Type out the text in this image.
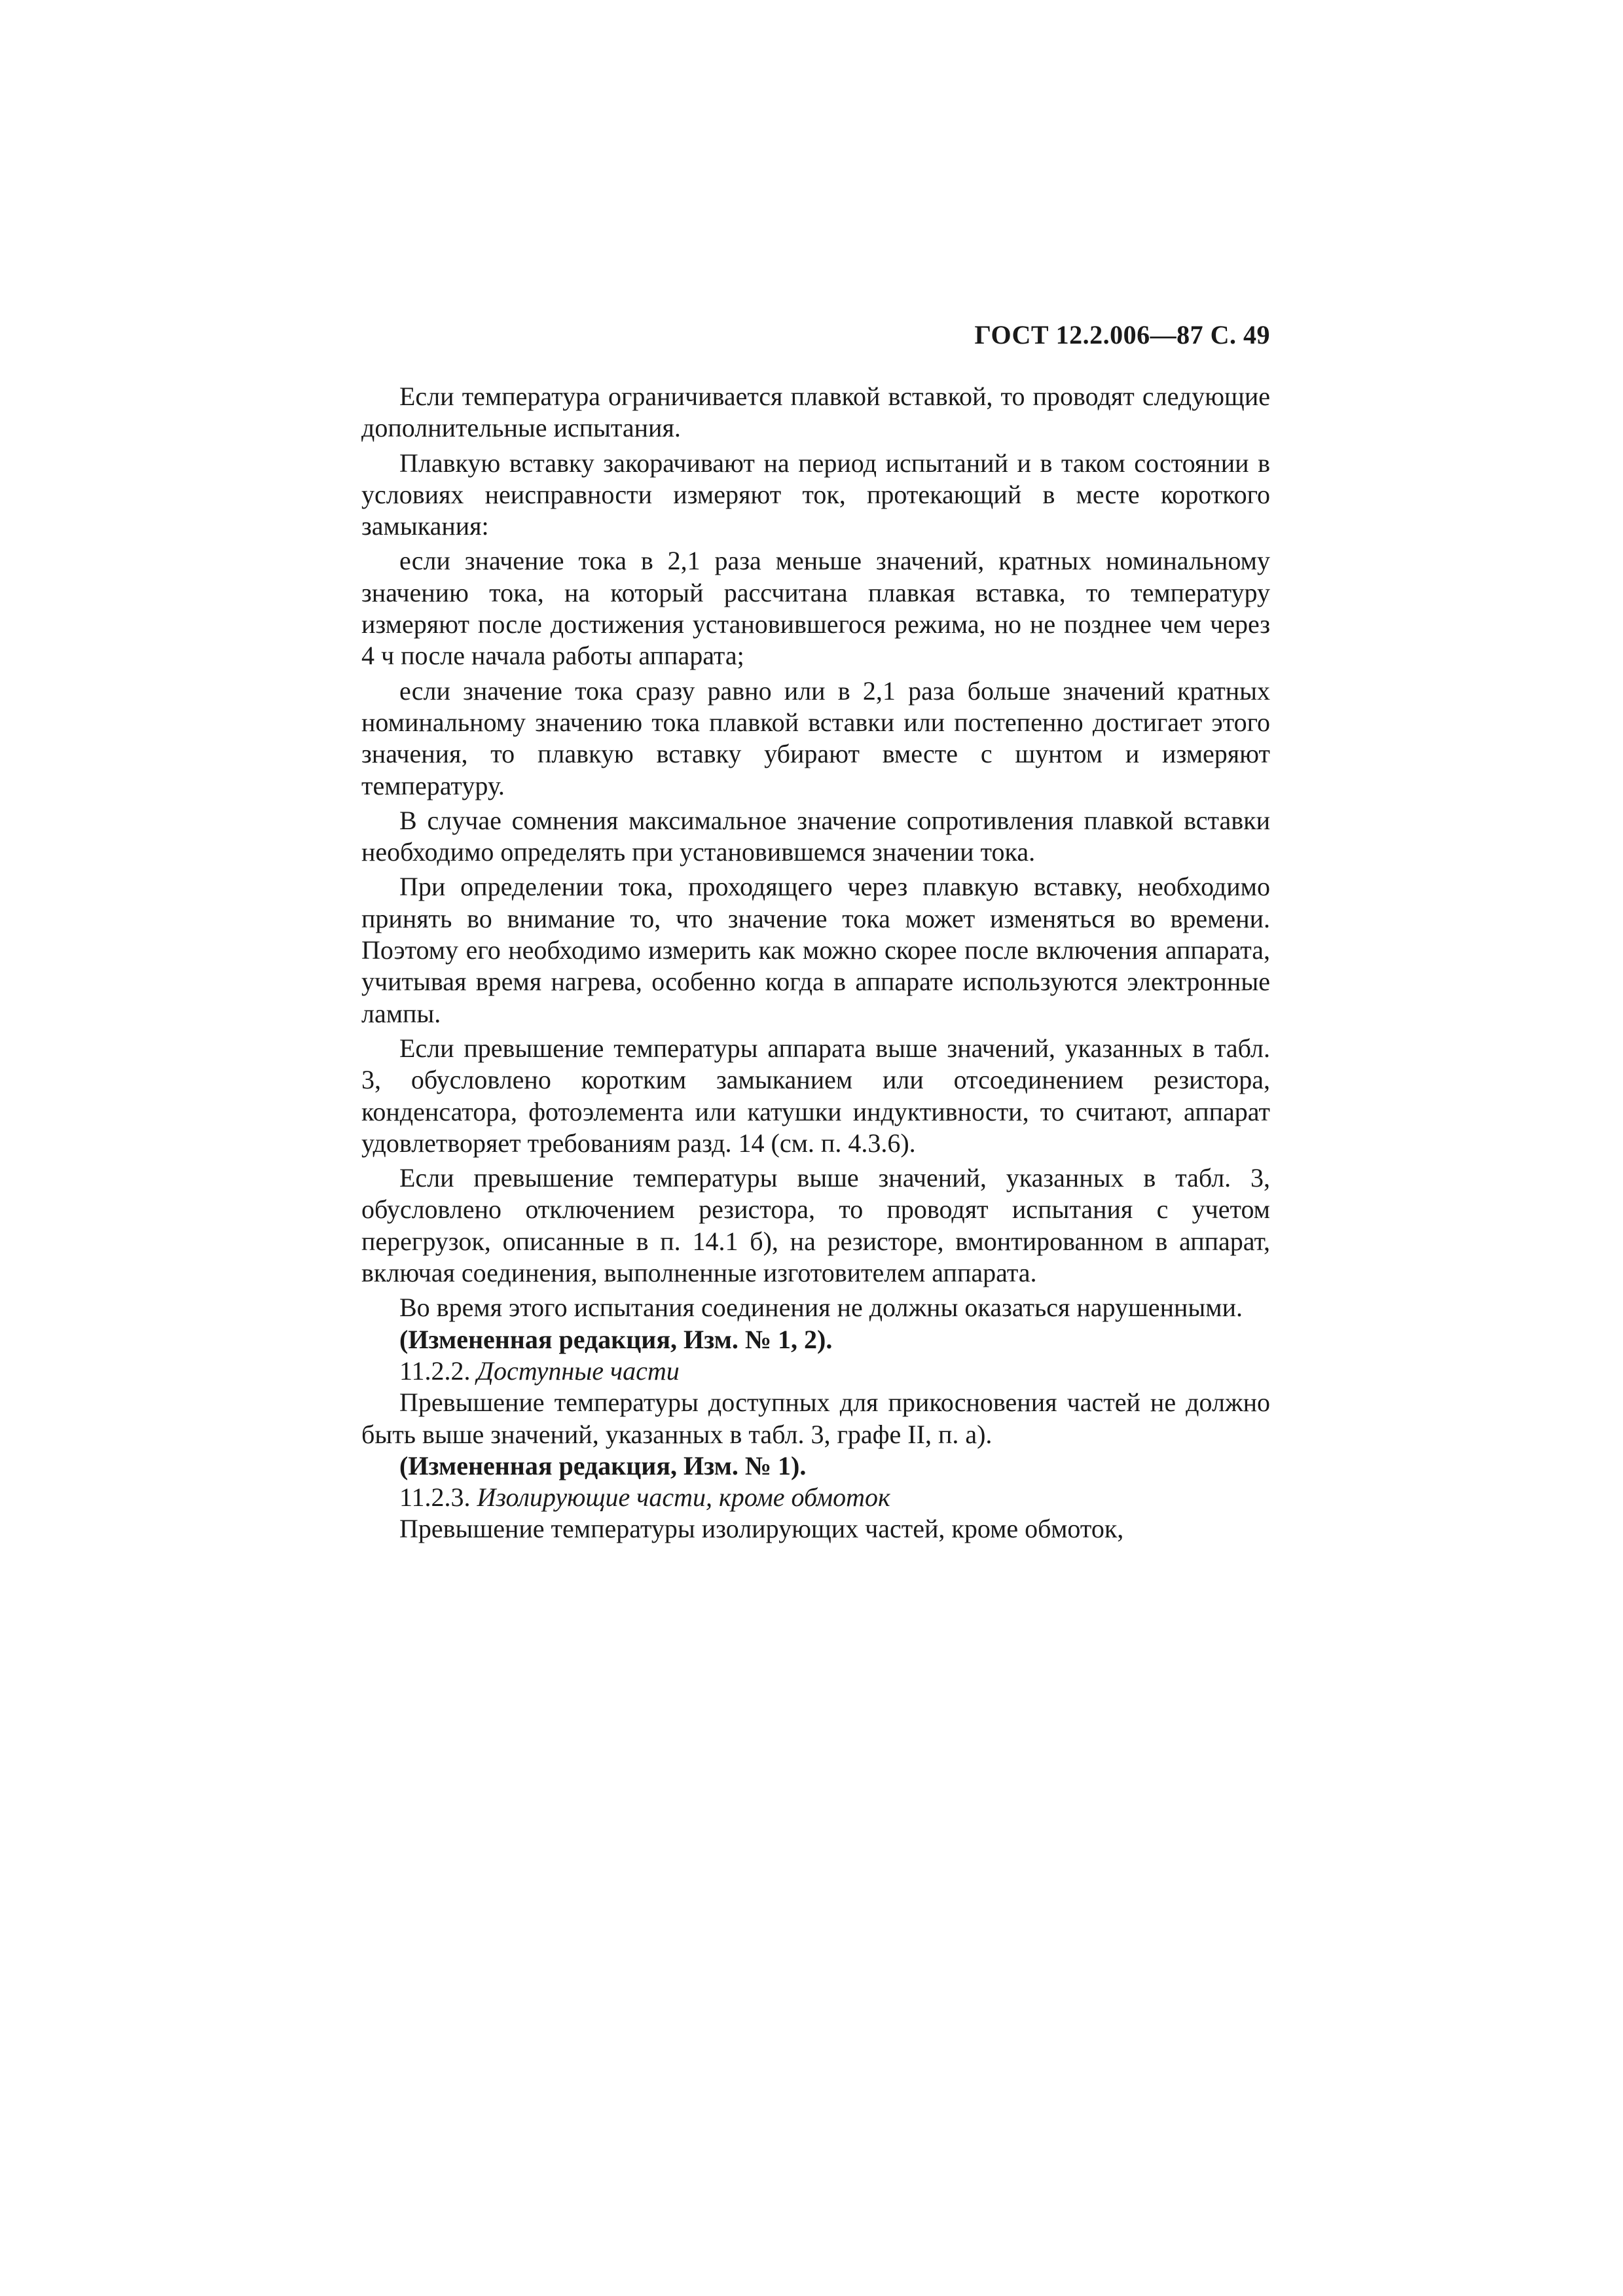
ГОСТ 12.2.006—87 С. 49

Если температура ограничивается плавкой вставкой, то проводят следующие дополнительные испытания.

Плавкую вставку закорачивают на период испытаний и в таком состоянии в условиях неисправности измеряют ток, протекающий в месте короткого замыкания:

если значение тока в 2,1 раза меньше значений, кратных номинальному значению тока, на который рассчитана плавкая вставка, то температуру измеряют после достижения установившегося режима, но не позднее чем через 4 ч после начала работы аппарата;

если значение тока сразу равно или в 2,1 раза больше значений кратных номинальному значению тока плавкой вставки или постепенно достигает этого значения, то плавкую вставку убирают вместе с шунтом и измеряют температуру.

В случае сомнения максимальное значение сопротивления плавкой вставки необходимо определять при установившемся значении тока.

При определении тока, проходящего через плавкую вставку, необходимо принять во внимание то, что значение тока может изменяться во времени. Поэтому его необходимо измерить как можно скорее после включения аппарата, учитывая время нагрева, особенно когда в аппарате используются электронные лампы.

Если превышение температуры аппарата выше значений, указанных в табл. 3, обусловлено коротким замыканием или отсоединением резистора, конденсатора, фотоэлемента или катушки индуктивности, то считают, аппарат удовлетворяет требованиям разд. 14 (см. п. 4.3.6).

Если превышение температуры выше значений, указанных в табл. 3, обусловлено отключением резистора, то проводят испытания с учетом перегрузок, описанные в п. 14.1 б), на резисторе, вмонтированном в аппарат, включая соединения, выполненные изготовителем аппарата.

Во время этого испытания соединения не должны оказаться нарушенными.

(Измененная редакция, Изм. № 1, 2).

11.2.2. Доступные части

Превышение температуры доступных для прикосновения частей не должно быть выше значений, указанных в табл. 3, графе II, п. а).

(Измененная редакция, Изм. № 1).

11.2.3. Изолирующие части, кроме обмоток

Превышение температуры изолирующих частей, кроме обмоток,
